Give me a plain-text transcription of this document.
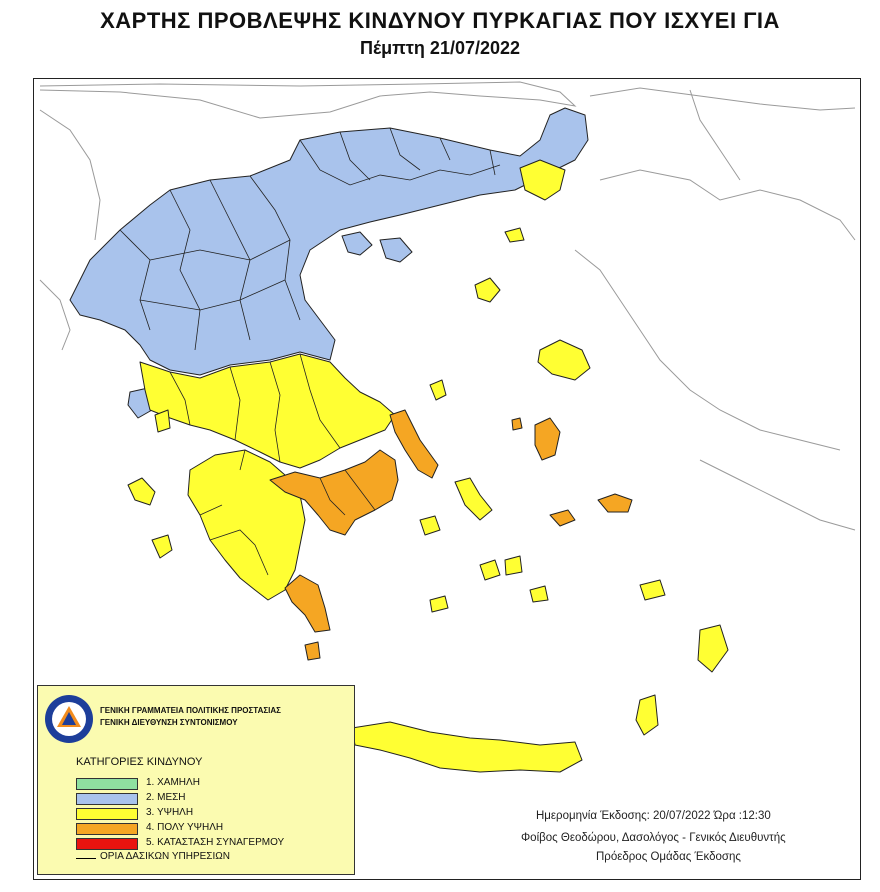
ΧΑΡΤΗΣ ΠΡΟΒΛΕΨΗΣ ΚΙΝΔΥΝΟΥ ΠΥΡΚΑΓΙΑΣ ΠΟΥ ΙΣΧΥΕΙ ΓΙΑ
Πέμπτη 21/07/2022
ΓΕΝΙΚΗ ΓΡΑΜΜΑΤΕΙΑ ΠΟΛΙΤΙΚΗΣ ΠΡΟΣΤΑΣΙΑΣ
ΓΕΝΙΚΗ ΔΙΕΥΘΥΝΣΗ ΣΥΝΤΟΝΙΣΜΟΥ
ΚΑΤΗΓΟΡΙΕΣ ΚΙΝΔΥΝΟΥ
1. ΧΑΜΗΛΗ
2. ΜΕΣΗ
3. ΥΨΗΛΗ
4. ΠΟΛΥ ΥΨΗΛΗ
5. ΚΑΤΑΣΤΑΣΗ ΣΥΝΑΓΕΡΜΟΥ
ΟΡΙΑ ΔΑΣΙΚΩΝ ΥΠΗΡΕΣΙΩΝ
Ημερομηνία Έκδοσης: 20/07/2022 Ώρα :12:30
Φοίβος Θεοδώρου, Δασολόγος - Γενικός Διευθυντής
Πρόεδρος Ομάδας Έκδοσης
